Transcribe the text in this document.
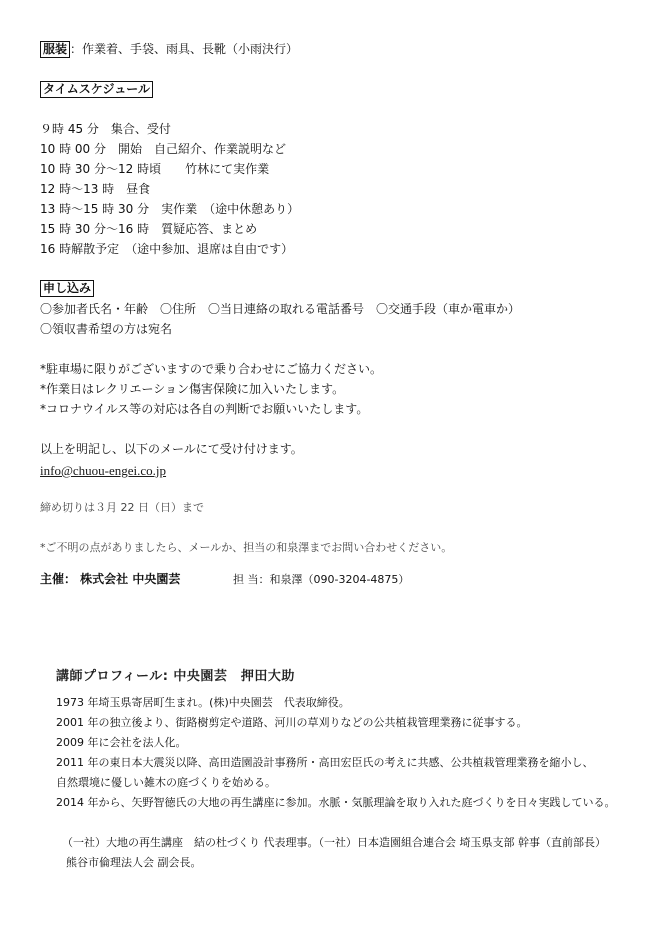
服装 ：作業着、手袋、雨具、長靴（小雨決行）
タイムスケジュール
９時 45 分　集合、受付
10 時 00 分　開始　自己紹介、作業説明など
10 時 30 分～12 時頃　　竹林にて実作業
12 時～13 時　昼食
13 時～15 時 30 分　実作業　（途中休憩あり）
15 時 30 分～16 時　質疑応答、まとめ
16 時解散予定　（途中参加、退席は自由です）
申し込み
〇参加者氏名・年齢　〇住所　〇当日連絡の取れる電話番号　〇交通手段（車か電車か）
〇領収書希望の方は宛名
*駐車場に限りがございますので乗り合わせにご協力ください。
*作業日はレクリエーション傷害保険に加入いたします。
*コロナウイルス等の対応は各自の判断でお願いいたします。
以上を明記し、以下のメールにて受け付けます。
info@chuou-engei.co.jp
締め切りは３月 22 日（日）まで
*ご不明の点がありましたら、メールか、担当の和泉澤までお問い合わせください。
主催： 株式会社 中央園芸	担 当：和泉澤（090-3204-4875）
講師プロフィール: 中央園芸　押田大助
1973 年埼玉県寄居町生まれ。(株)中央園芸　代表取締役。
2001 年の独立後より、街路樹剪定や道路、河川の草刈りなどの公共植栽管理業務に従事する。
2009 年に会社を法人化。
2011 年の東日本大震災以降、高田造園設計事務所・高田宏臣氏の考えに共感、公共植栽管理業務を縮小し、
自然環境に優しい雑木の庭づくりを始める。
2014 年から、矢野智徳氏の大地の再生講座に参加。水脈・気脈理論を取り入れた庭づくりを日々実践している。
（一社）大地の再生講座　結の杜づくり 代表理事。（一社）日本造園組合連合会 埼玉県支部 幹事（直前部長）
熊谷市倫理法人会 副会長。
